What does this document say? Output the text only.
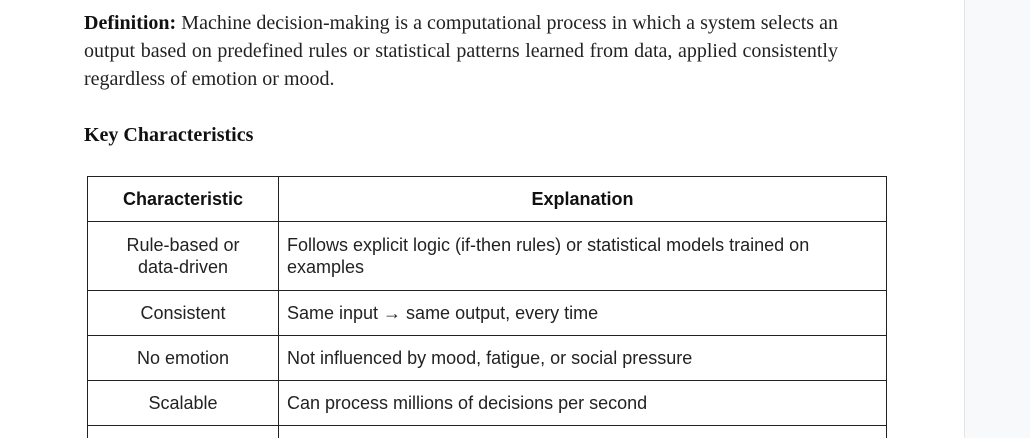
Definition: Machine decision-making is a computational process in which a system selects an output based on predefined rules or statistical patterns learned from data, applied consistently regardless of emotion or mood.

Key Characteristics
Characteristic	Explanation
Rule-based or
data-driven	Follows explicit logic (if-then rules) or statistical models trained on examples
Consistent	Same input → same output, every time
No emotion	Not influenced by mood, fatigue, or social pressure
Scalable	Can process millions of decisions per second
